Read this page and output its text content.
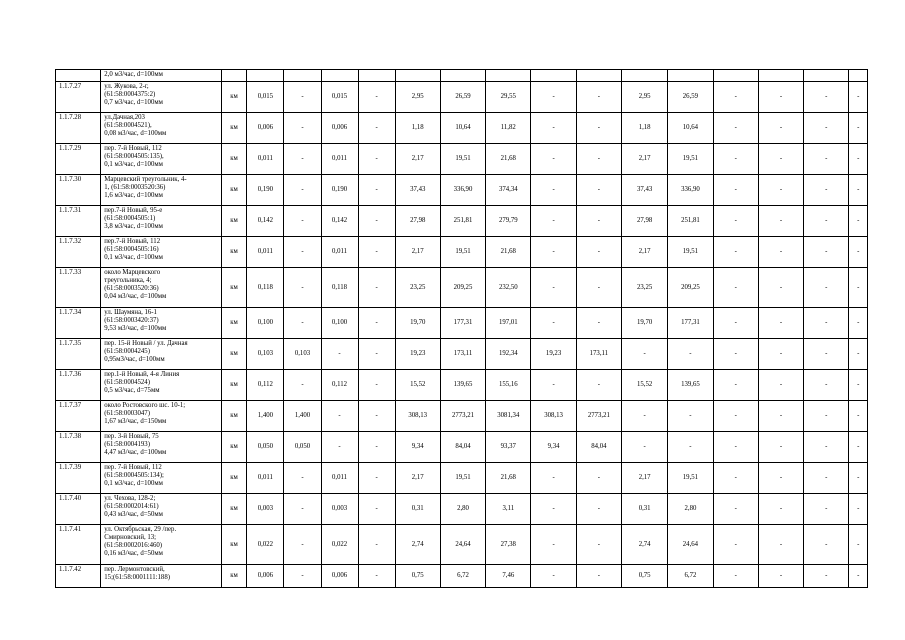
	2,0 м3/час, d=100мм																

1.1.7.27	ул. Жукова, 2-г,
(61:58:0004375:2)
0,7 м3/час, d=100мм	км	0,015	-	0,015	-	2,95	26,59	29,55	-	-	2,95	26,59	-	-	-	-
1.1.7.28	ул.Дачная,203
(61:58:0004521),
0,08 м3/час, d=100мм	км	0,006	-	0,006	-	1,18	10,64	11,82	-	-	1,18	10,64	-	-	-	-
1.1.7.29	пер. 7-й Новый, 112
(61:58:0004505:135),
0,1 м3/час, d=100мм	км	0,011	-	0,011	-	2,17	19,51	21,68	-	-	2,17	19,51	-	-	-	-
1.1.7.30	Марцевский треугольник, 4-
1, (61:58:0003520:36)
1,6 м3/час, d=100мм	км	0,190	-	0,190	-	37,43	336,90	374,34	-	-	37,43	336,90	-	-	-	-
1.1.7.31	пер.7-й Новый, 95-е
(61:58:0004505:1)
3,8 м3/час, d=100мм	км	0,142	-	0,142	-	27,98	251,81	279,79	-	-	27,98	251,81	-	-	-	-
1.1.7.32	пер.7-й Новый, 112
(61:58:0004505:16)
0,1 м3/час, d=100мм	км	0,011	-	0,011	-	2,17	19,51	21,68	-	-	2,17	19,51	-	-	-	-
1.1.7.33	около Марцевского
треугольника, 4;
(61:58:0003520:36)
0,04 м3/час, d=100мм	км	0,118	-	0,118	-	23,25	209,25	232,50	-	-	23,25	209,25	-	-	-	-
1.1.7.34	ул. Шаумяна, 16-1
(61:58:0003420:37)
9,53 м3/час, d=100мм	км	0,100	-	0,100	-	19,70	177,31	197,01	-	-	19,70	177,31	-	-	-	-
1.1.7.35	пер. 15-й Новый / ул. Дачная
(61:58:0004245)
0,95м3/час, d=100мм	км	0,103	0,103	-	-	19,23	173,11	192,34	19,23	173,11	-	-	-	-	-	-
1.1.7.36	пер.1-й Новый, 4-я Линия
(61:58:0004524)
0,5 м3/час, d=75мм	км	0,112	-	0,112	-	15,52	139,65	155,16	-	-	15,52	139,65	-	-	-	-
1.1.7.37	около Ростовского шс. 10-1;
(61:58:0003047)
1,67 м3/час, d=150мм	км	1,400	1,400	-	-	308,13	2773,21	3081,34	308,13	2773,21	-	-	-	-	-	-
1.1.7.38	пер. 3-й Новый, 75
(61:58:0004193)
4,47 м3/час, d=100мм	км	0,050	0,050	-	-	9,34	84,04	93,37	9,34	84,04	-	-	-	-	-	-
1.1.7.39	пер. 7-й Новый, 112
(61:58:0004505:134);
0,1 м3/час, d=100мм	км	0,011	-	0,011	-	2,17	19,51	21,68	-	-	2,17	19,51	-	-	-	-
1.1.7.40	ул. Чехова, 128-2;
(61:58:0002014:61)
0,43 м3/час, d=50мм	км	0,003	-	0,003	-	0,31	2,80	3,11	-	-	0,31	2,80	-	-	-	-
1.1.7.41	ул. Октябрьская, 29 /пер.
Смирновский, 13;
(61:58:0002016:460)
0,16 м3/час, d=50мм	км	0,022	-	0,022	-	2,74	24,64	27,38	-	-	2,74	24,64	-	-	-	-
1.1.7.42	пер. Лермонтовский,
15;(61:58:0001111:188)	км	0,006	-	0,006	-	0,75	6,72	7,46	-	-	0,75	6,72	-	-	-	-
